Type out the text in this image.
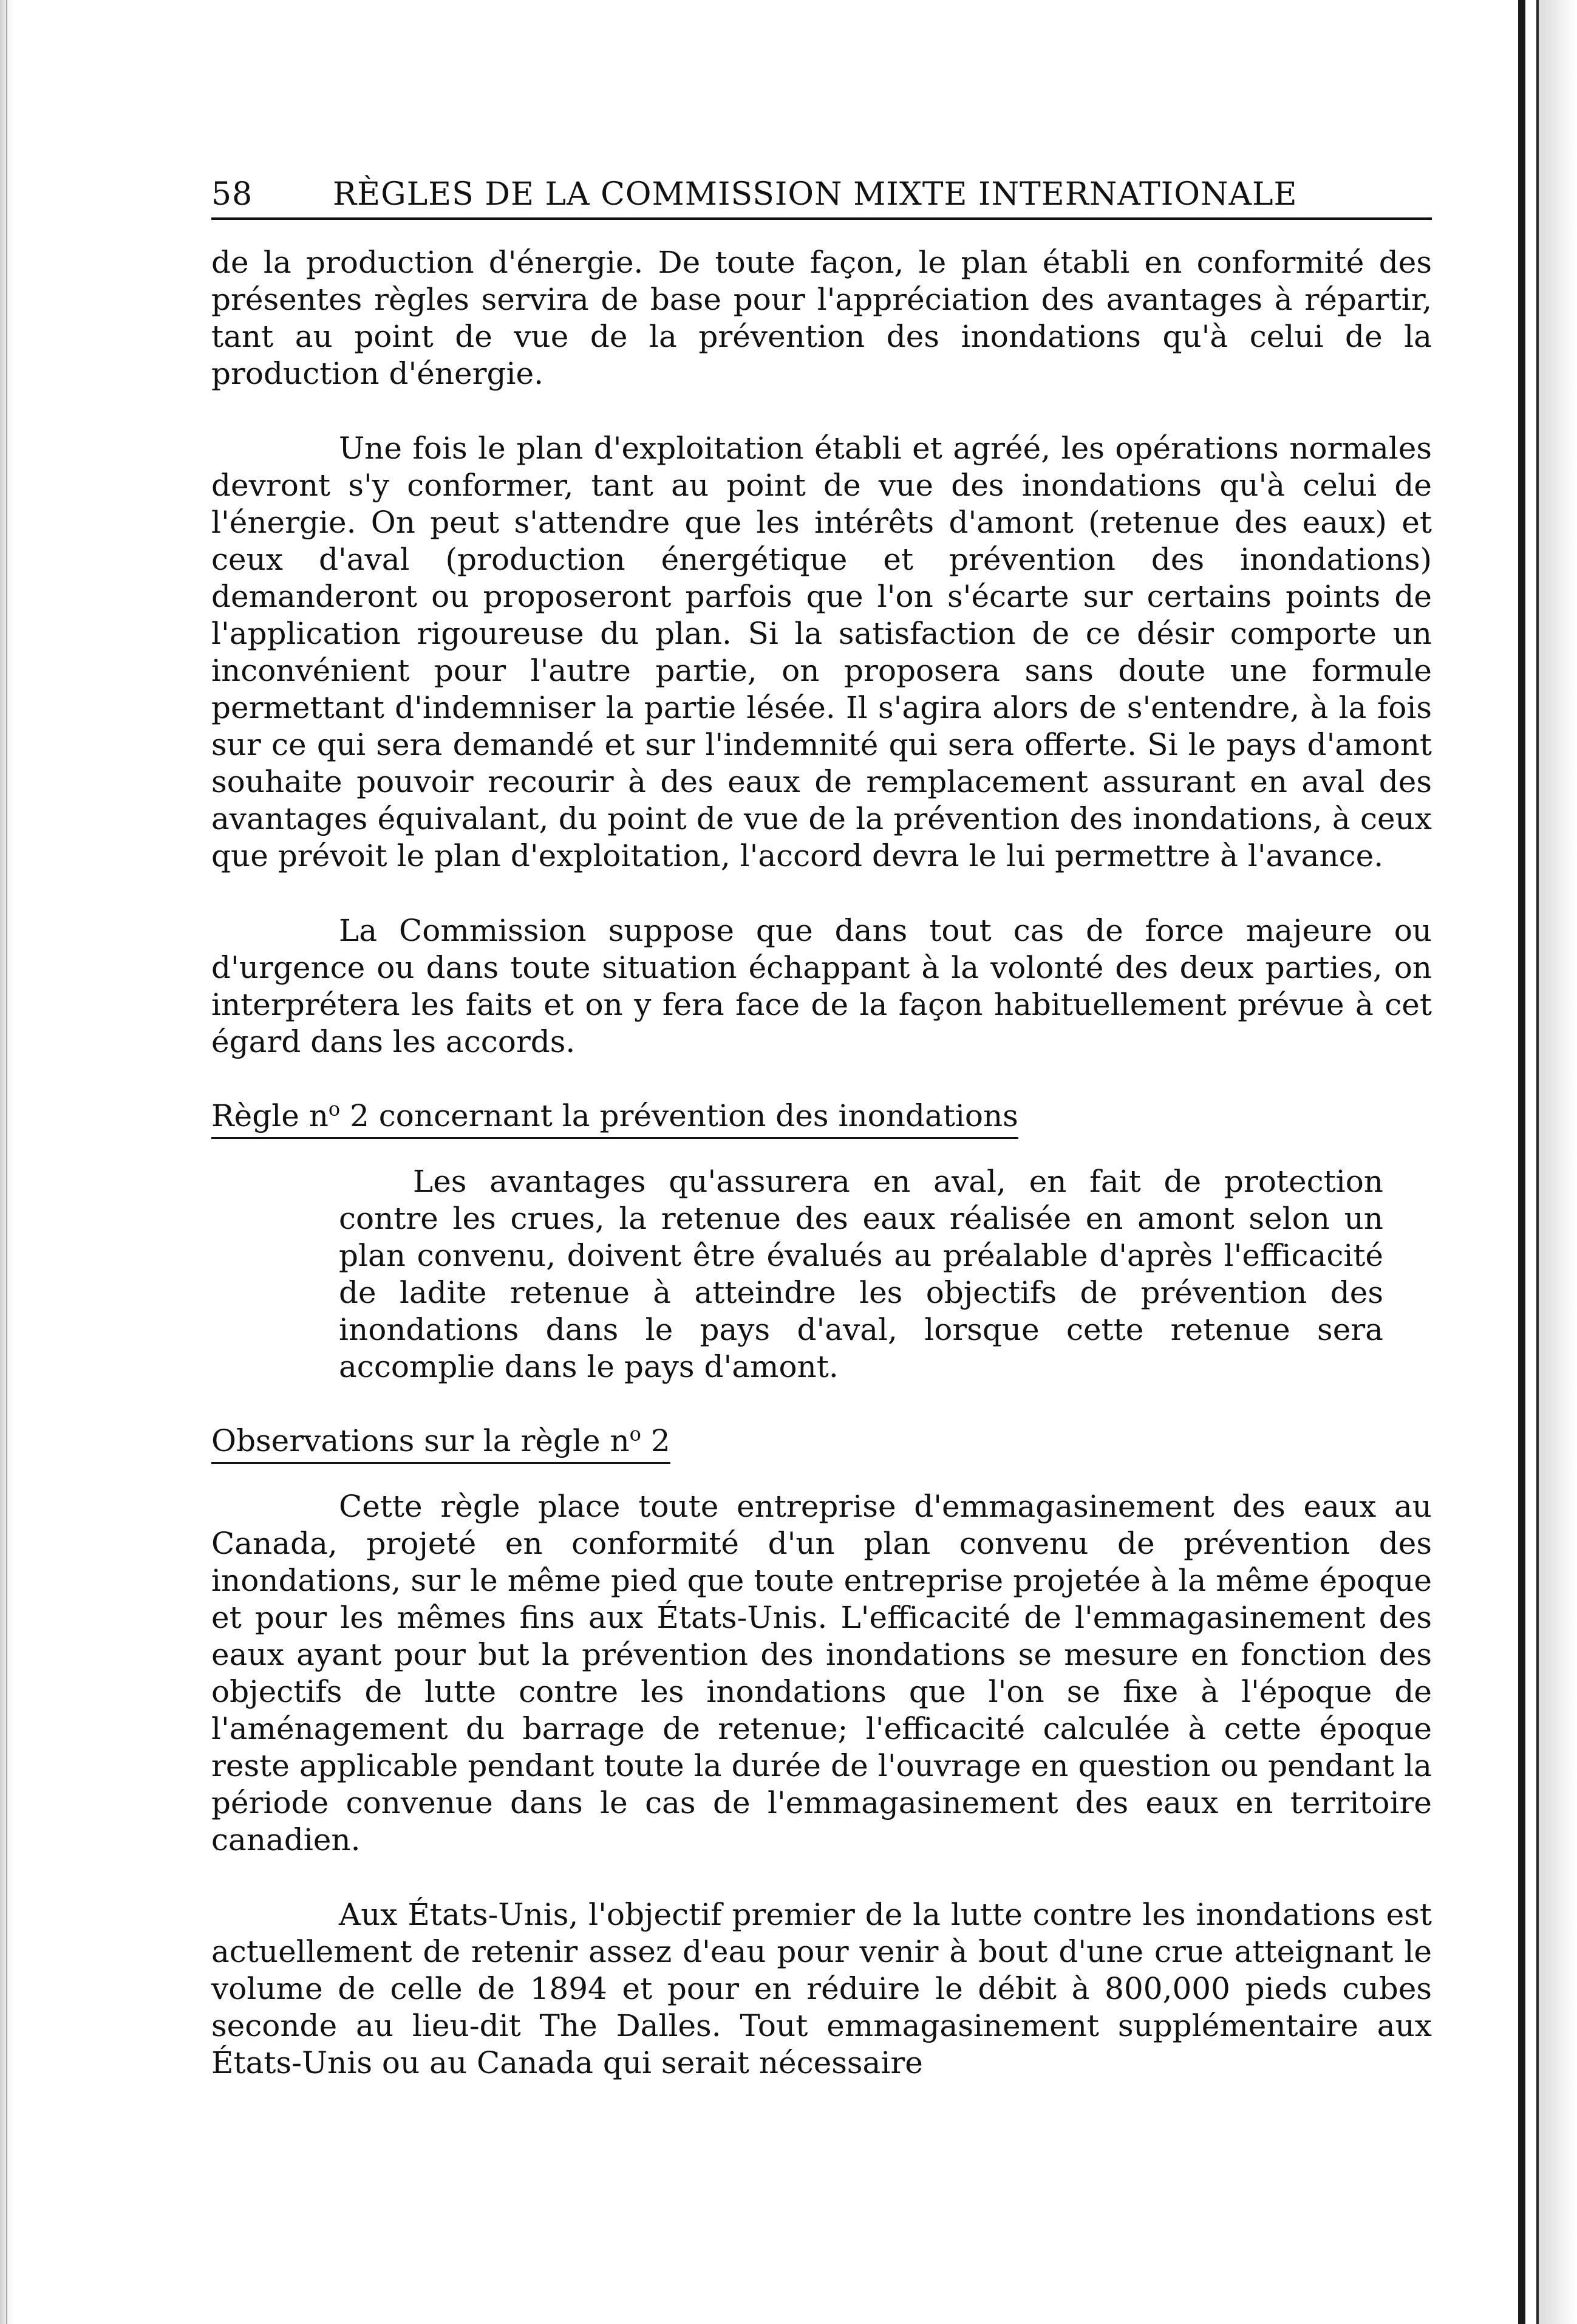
58	RÈGLES DE LA COMMISSION MIXTE INTERNATIONALE

de la production d'énergie. De toute façon, le plan établi en conformité des présentes règles servira de base pour l'appréciation des avantages à répartir, tant au point de vue de la prévention des inondations qu'à celui de la production d'énergie.

Une fois le plan d'exploitation établi et agréé, les opérations normales devront s'y conformer, tant au point de vue des inondations qu'à celui de l'énergie. On peut s'attendre que les intérêts d'amont (retenue des eaux) et ceux d'aval (production énergétique et prévention des inondations) demanderont ou proposeront parfois que l'on s'écarte sur certains points de l'application rigoureuse du plan. Si la satisfaction de ce désir comporte un inconvénient pour l'autre partie, on proposera sans doute une formule permettant d'indemniser la partie lésée. Il s'agira alors de s'entendre, à la fois sur ce qui sera demandé et sur l'indemnité qui sera offerte. Si le pays d'amont souhaite pouvoir recourir à des eaux de remplacement assurant en aval des avantages équivalant, du point de vue de la prévention des inondations, à ceux que prévoit le plan d'exploitation, l'accord devra le lui permettre à l'avance.

La Commission suppose que dans tout cas de force majeure ou d'urgence ou dans toute situation échappant à la volonté des deux parties, on interprétera les faits et on y fera face de la façon habituellement prévue à cet égard dans les accords.

Règle $n^o$ 2 concernant la prévention des inondations

Les avantages qu'assurera en aval, en fait de protection contre les crues, la retenue des eaux réalisée en amont selon un plan convenu, doivent être évalués au préalable d'après l'efficacité de ladite retenue à atteindre les objectifs de prévention des inondations dans le pays d'aval, lorsque cette retenue sera accomplie dans le pays d'amont.

Observations sur la règle $n^o$ 2

Cette règle place toute entreprise d'emmagasinement des eaux au Canada, projeté en conformité d'un plan convenu de prévention des inondations, sur le même pied que toute entreprise projetée à la même époque et pour les mêmes fins aux États-Unis. L'efficacité de l'emmagasinement des eaux ayant pour but la prévention des inondations se mesure en fonction des objectifs de lutte contre les inondations que l'on se fixe à l'époque de l'aménagement du barrage de retenue; l'efficacité calculée à cette époque reste applicable pendant toute la durée de l'ouvrage en question ou pendant la période convenue dans le cas de l'emmagasinement des eaux en territoire canadien.

Aux États-Unis, l'objectif premier de la lutte contre les inondations est actuellement de retenir assez d'eau pour venir à bout d'une crue atteignant le volume de celle de 1894 et pour en réduire le débit à 800,000 pieds cubes seconde au lieu-dit The Dalles. Tout emmagasinement supplémentaire aux États-Unis ou au Canada qui serait nécessaire
